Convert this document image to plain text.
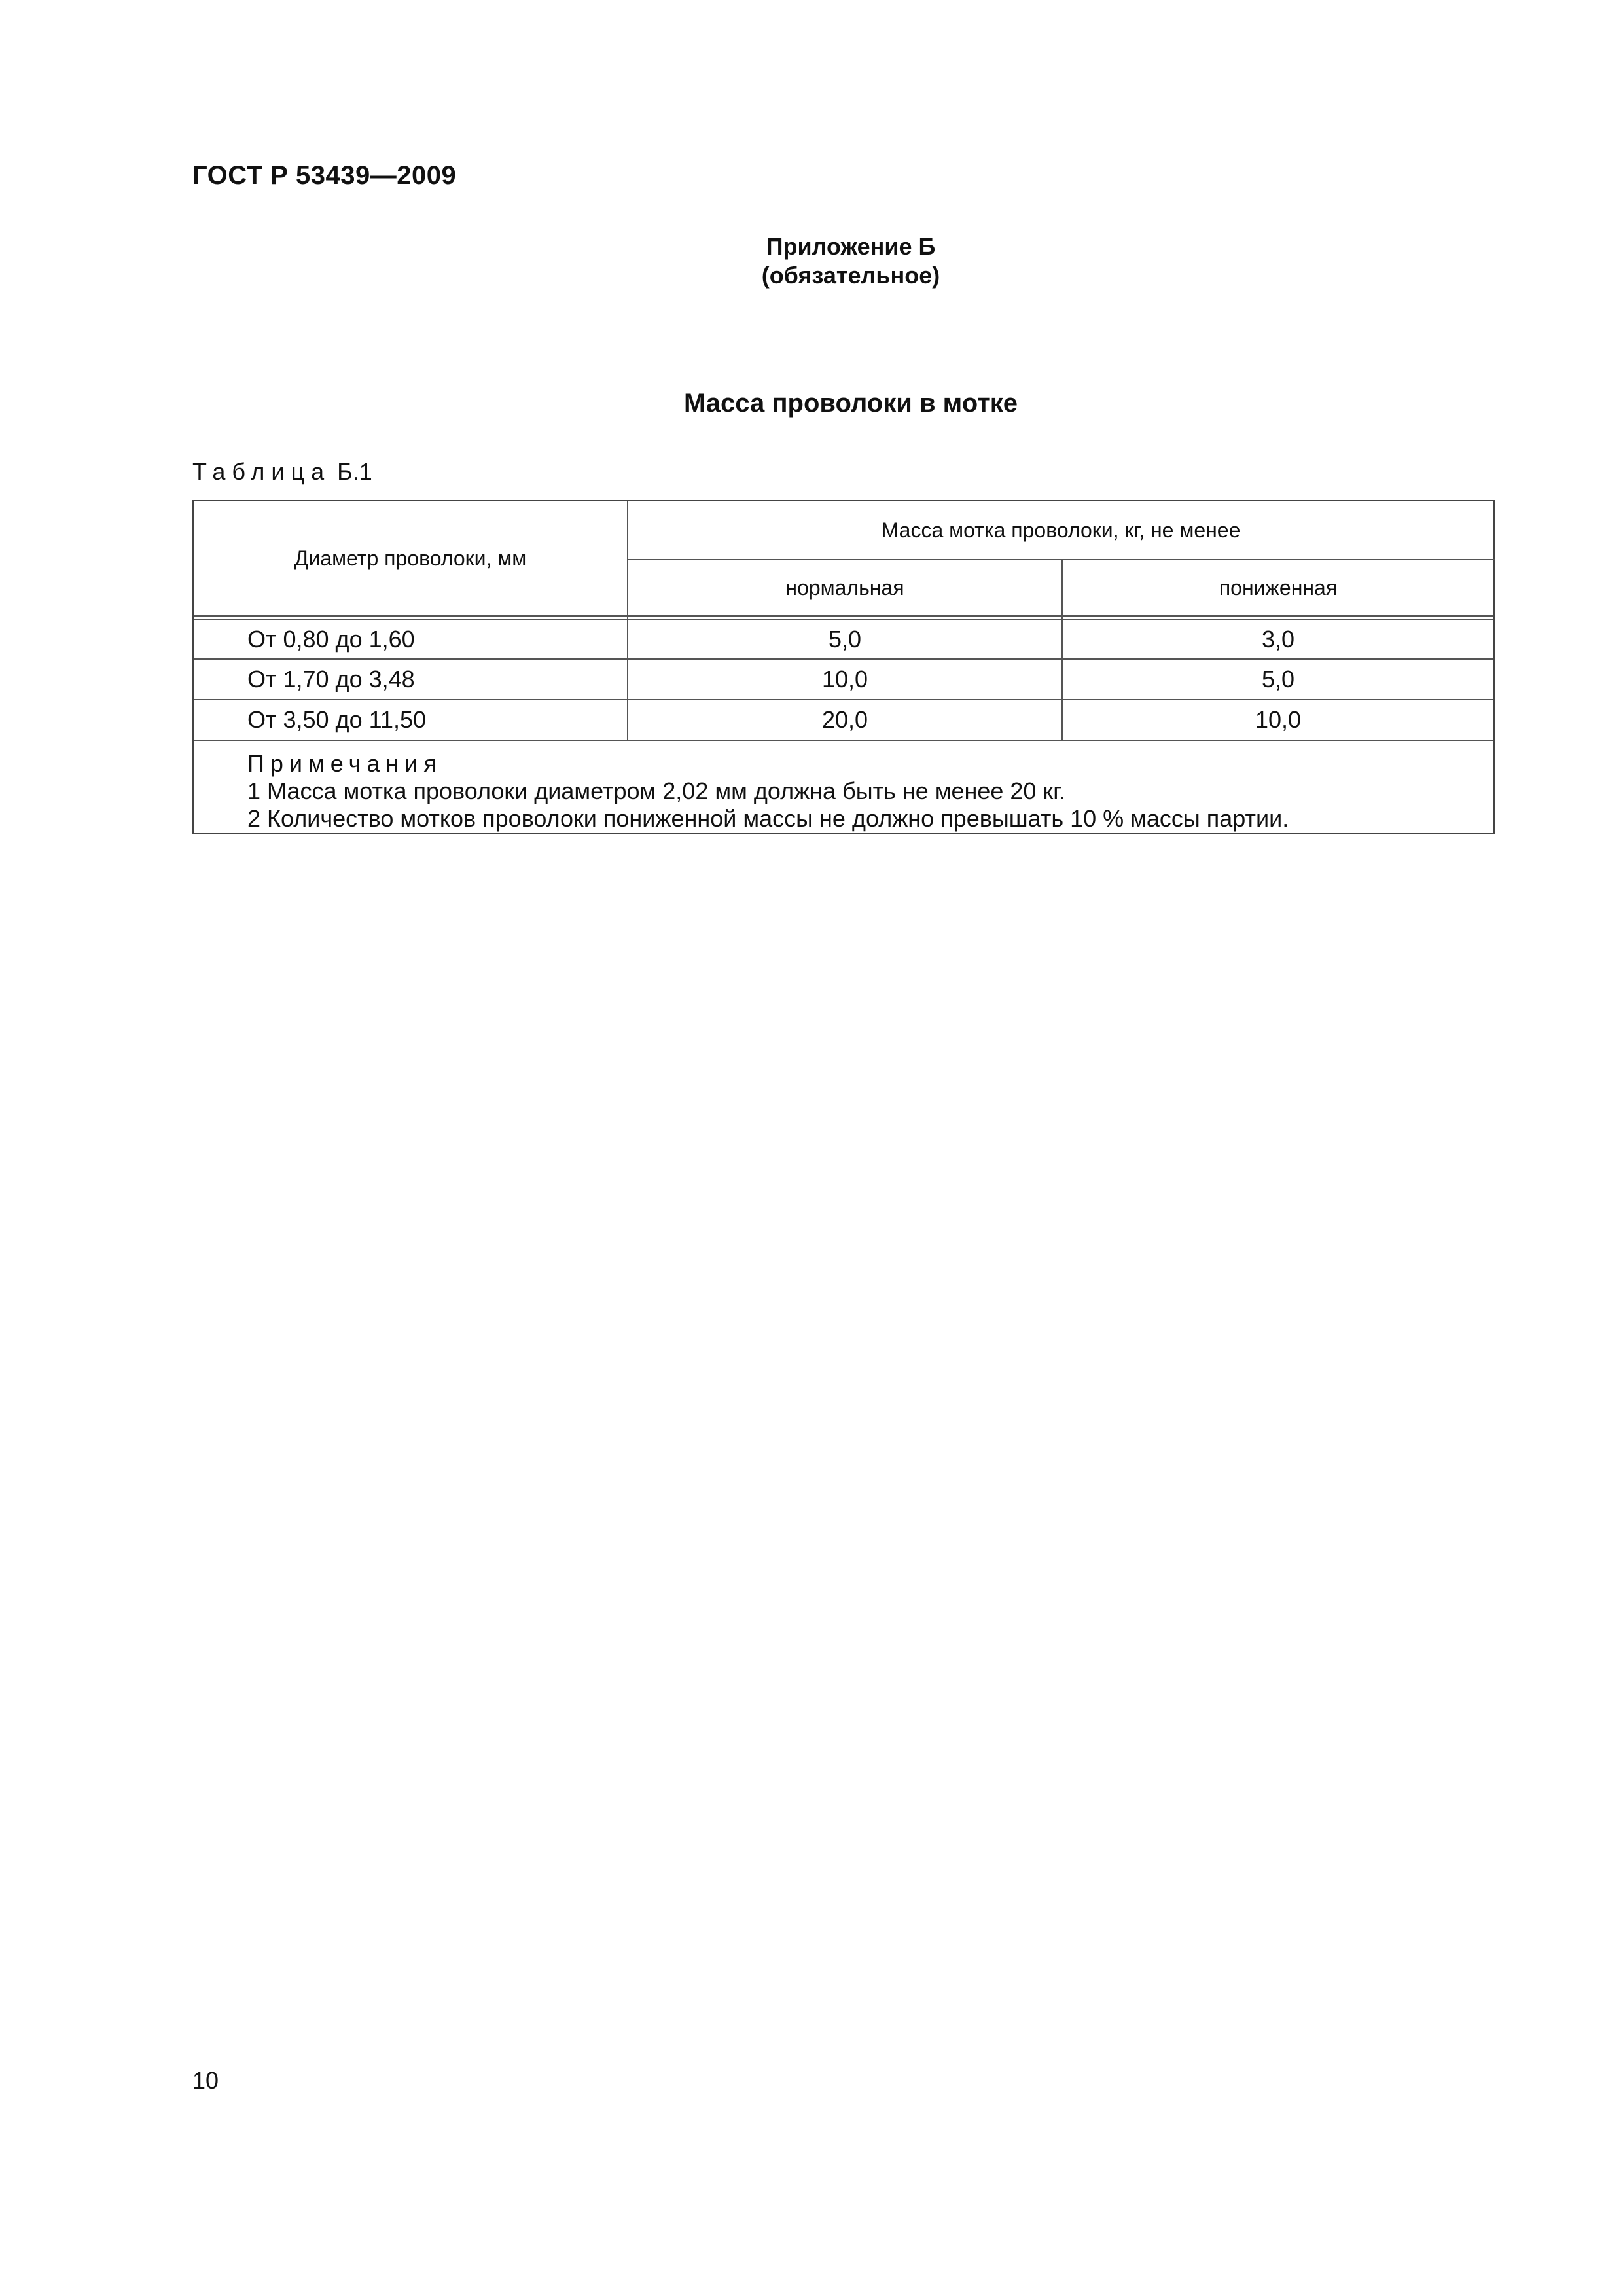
ГОСТ Р 53439—2009
Приложение Б
(обязательное)
Масса проволоки в мотке
Таблица Б.1
Диаметр проволоки, мм
Масса мотка проволоки, кг, не менее
нормальная	пониженная
От 0,80 до 1,60	5,0	3,0
От 1,70 до 3,48	10,0	5,0
От 3,50 до 11,50	20,0	10,0
Примечания
1 Масса мотка проволоки диаметром 2,02 мм должна быть не менее 20 кг.
2 Количество мотков проволоки пониженной массы не должно превышать 10 % массы партии.
10
